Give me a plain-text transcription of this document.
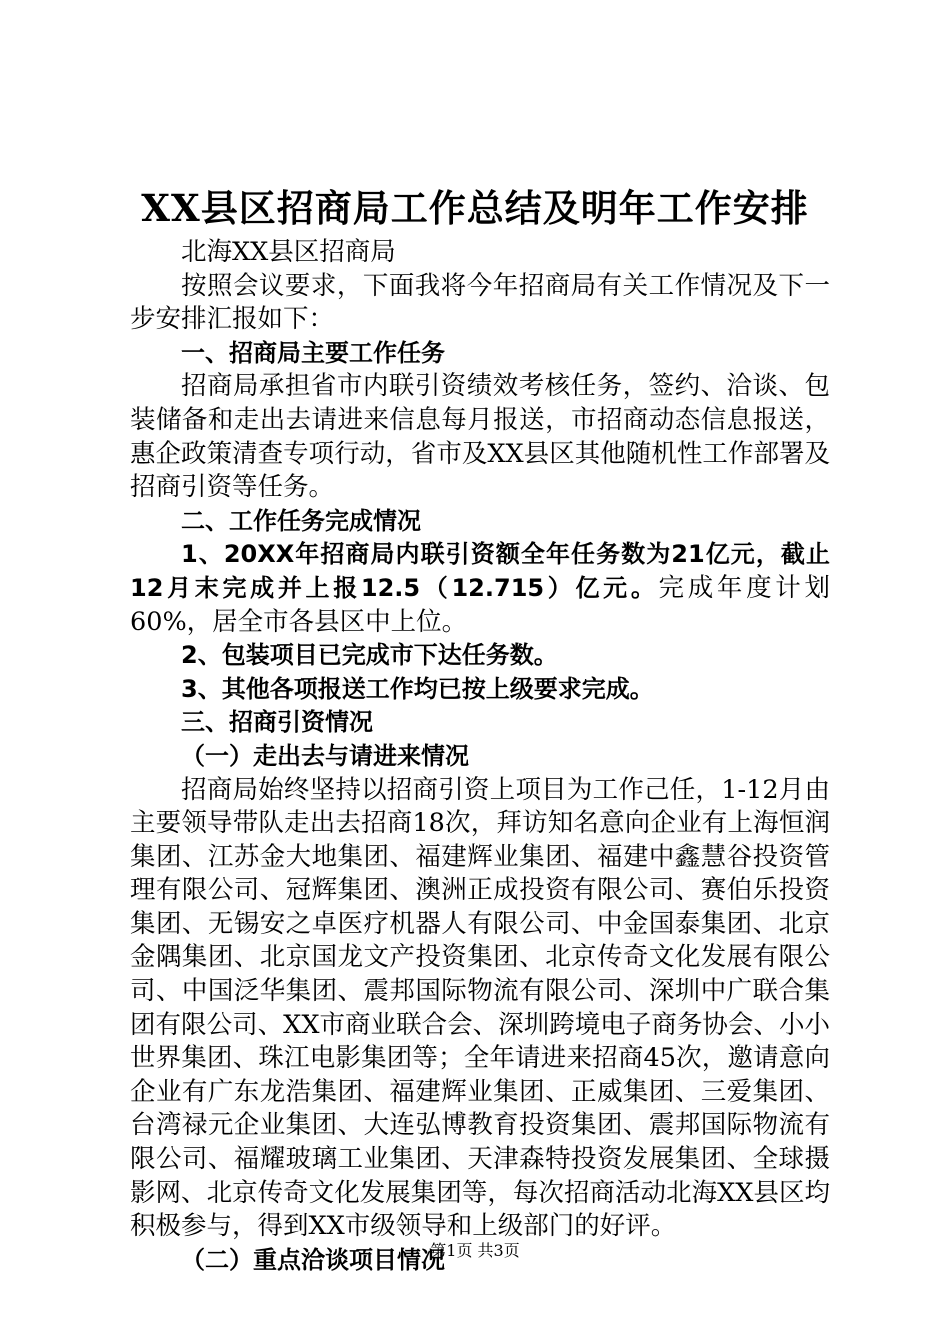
XX县区招商局工作总结及明年工作安排

北海XX县区招商局

按照会议要求，下面我将今年招商局有关工作情况及下一步安排汇报如下：

一、招商局主要工作任务

招商局承担省市内联引资绩效考核任务，签约、洽谈、包装储备和走出去请进来信息每月报送，市招商动态信息报送，惠企政策清查专项行动，省市及XX县区其他随机性工作部署及招商引资等任务。

二、工作任务完成情况

1、20XX年招商局内联引资额全年任务数为21亿元，截止12月末完成并上报12.5（12.715）亿元。完成年度计划60%，居全市各县区中上位。

2、包装项目已完成市下达任务数。

3、其他各项报送工作均已按上级要求完成。

三、招商引资情况

（一）走出去与请进来情况

招商局始终坚持以招商引资上项目为工作己任，1-12月由主要领导带队走出去招商18次，拜访知名意向企业有上海恒润集团、江苏金大地集团、福建辉业集团、福建中鑫慧谷投资管理有限公司、冠辉集团、澳洲正成投资有限公司、赛伯乐投资集团、无锡安之卓医疗机器人有限公司、中金国泰集团、北京金隅集团、北京国龙文产投资集团、北京传奇文化发展有限公司、中国泛华集团、震邦国际物流有限公司、深圳中广联合集团有限公司、XX市商业联合会、深圳跨境电子商务协会、小小世界集团、珠江电影集团等；全年请进来招商45次，邀请意向企业有广东龙浩集团、福建辉业集团、正威集团、三爱集团、台湾禄元企业集团、大连弘博教育投资集团、震邦国际物流有限公司、福耀玻璃工业集团、天津森特投资发展集团、全球摄影网、北京传奇文化发展集团等，每次招商活动北海XX县区均积极参与，得到XX市级领导和上级部门的好评。

（二）重点洽谈项目情况

第1页 共3页
